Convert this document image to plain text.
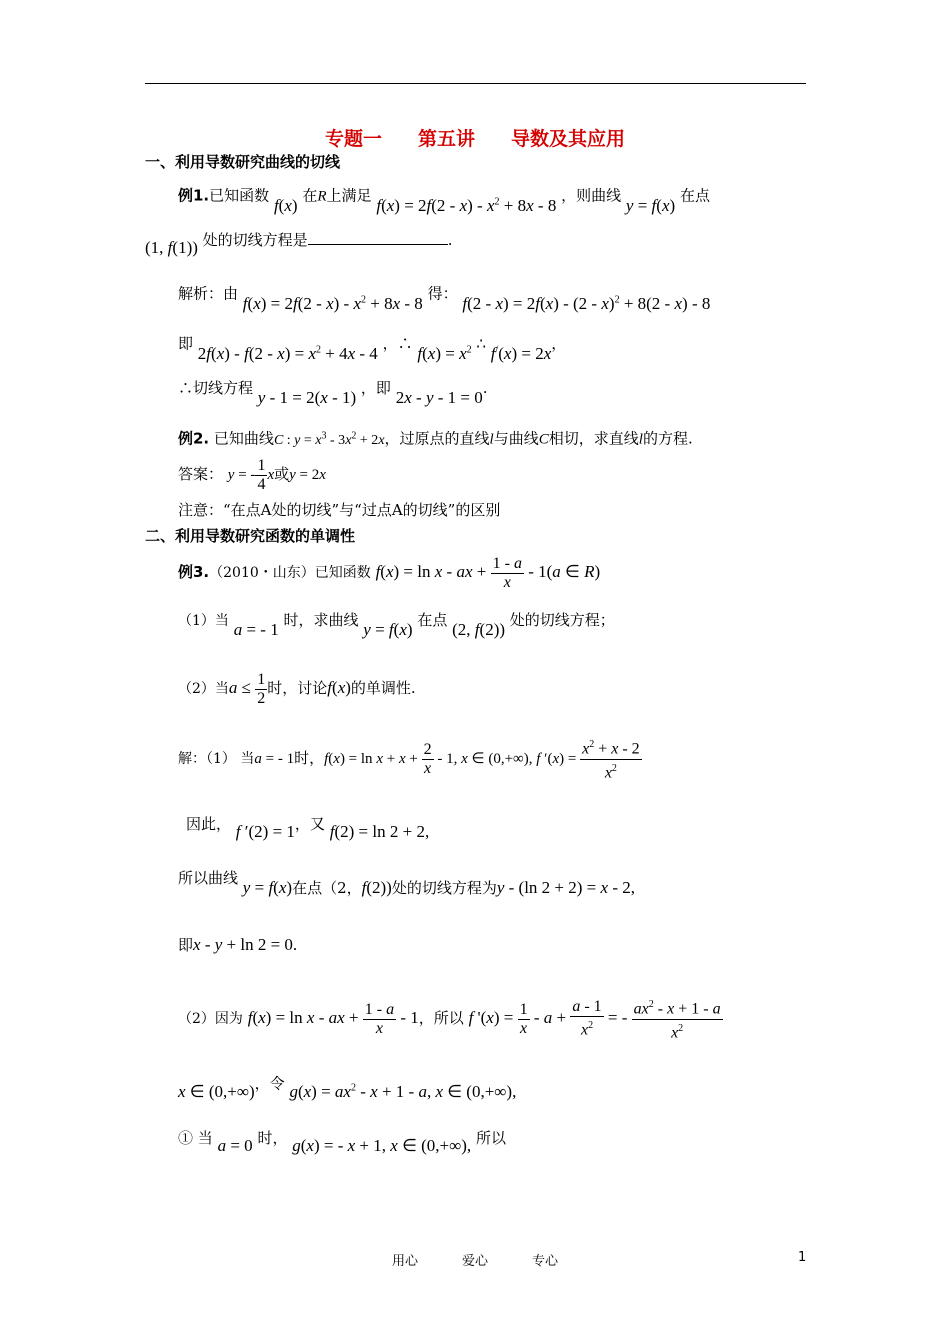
专题一 第五讲 导数及其应用
一、利用导数研究曲线的切线
例1.已知函数 f(x) 在R上满足 $f(x) = 2f(2 - x) - x^2 + 8x - 8$ ，则曲线 y = f(x) 在点
(1, f(1)) 处的切线方程是	.
解析：由 $f(x) = 2f(2 - x) - x^2 + 8x - 8$ 得： f(2 - x) = 2f(x) - (2 - x)$^2$ + 8(2 - x) - 8
即 $2f(x) - f(2 - x) = x^2 + 4x - 4$ ，∴ $f(x) = x^2$ ∴ f/(x) = 2x，
∴切线方程 y - 1 = 2(x - 1) ，即 2x - y - 1 = 0.
例2. 已知曲线C : $y = x^3 - 3x^2 + 2x$，过原点的直线l与曲线C相切，求直线l的方程.
答案： y = - $\frac{1}{4}$ x或y = 2x
注意：“在点A处的切线”与“过点A的切线”的区别
二、利用导数研究函数的单调性
例3.（2010・山东）已知函数 f(x) = ln x - ax + $\frac{1 - a}{x} - 1(a$ ∈ R)
（1）当 a = - 1 时，求曲线 y = f(x) 在点 (2, f(2)) 处的切线方程；
（2）当$a \le \frac{1}{2}$ 时，讨论f(x)的单调性.
解：（1） 当a = - 1时，$f(x) = \ln x + x + \frac{2}{x} - 1$, x ∈ (0,+∞), f $'(x) = \frac{x^2 + x - 2}{x^2}$
因此， f ′(2) = 1，又 f(2) = ln 2 + 2,
所以曲线 y = f(x)在点（2，f(2))处的切线方程为y - (ln 2 + 2) = x - 2,
即x - y + ln 2 = 0.
（2）因为 f(x) = ln x - ax + $\frac{1 - a}{x} - 1$，所以 f '$(x) = \frac{1}{x} - a + \frac{a - 1}{x^2}$ = - $\frac{ax^2 - x + 1 - a}{x^2}$
x ∈ (0,+∞)，令 $g(x) = ax^2 - x + 1 - a$, x ∈ (0,+∞),
① 当 a = 0 时， g(x) = - x + 1, x ∈ (0,+∞), 所以
用心	爱心	专心	1
